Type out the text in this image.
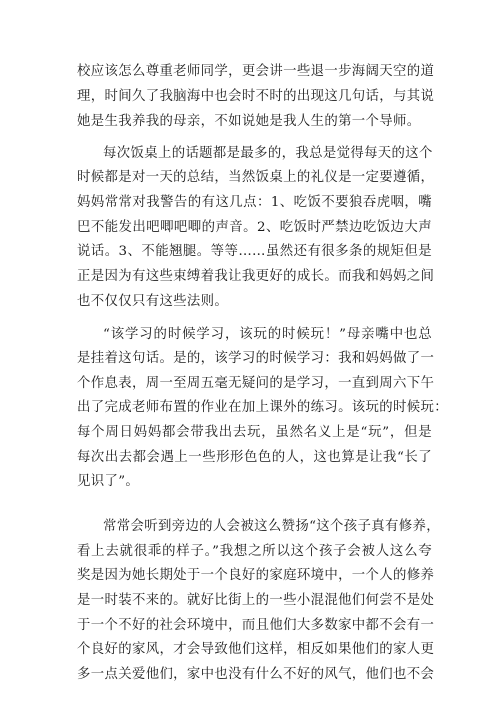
校应该怎么尊重老师同学，更会讲一些退一步海阔天空的道
理，时间久了我脑海中也会时不时的出现这几句话，与其说
她是生我养我的母亲，不如说她是我人生的第一个导师。
每次饭桌上的话题都是最多的，我总是觉得每天的这个
时候都是对一天的总结，当然饭桌上的礼仪是一定要遵循，
妈妈常常对我警告的有这几点：1、吃饭不要狼吞虎咽，嘴
巴不能发出吧唧吧唧的声音。2、吃饭时严禁边吃饭边大声
说话。3、不能翘腿。等等……虽然还有很多条的规矩但是
正是因为有这些束缚着我让我更好的成长。而我和妈妈之间
也不仅仅只有这些法则。
“该学习的时候学习，该玩的时候玩！”母亲嘴中也总
是挂着这句话。是的，该学习的时候学习：我和妈妈做了一
个作息表，周一至周五毫无疑问的是学习，一直到周六下午
出了完成老师布置的作业在加上课外的练习。该玩的时候玩：
每个周日妈妈都会带我出去玩，虽然名义上是“玩”，但是
每次出去都会遇上一些形形色色的人，这也算是让我“长了
见识了”。
常常会听到旁边的人会被这么赞扬“这个孩子真有修养，
看上去就很乖的样子。”我想之所以这个孩子会被人这么夸
奖是因为她长期处于一个良好的家庭环境中，一个人的修养
是一时装不来的。就好比街上的一些小混混他们何尝不是处
于一个不好的社会环境中，而且他们大多数家中都不会有一
个良好的家风，才会导致他们这样，相反如果他们的家人更
多一点关爱他们，家中也没有什么不好的风气，他们也不会
